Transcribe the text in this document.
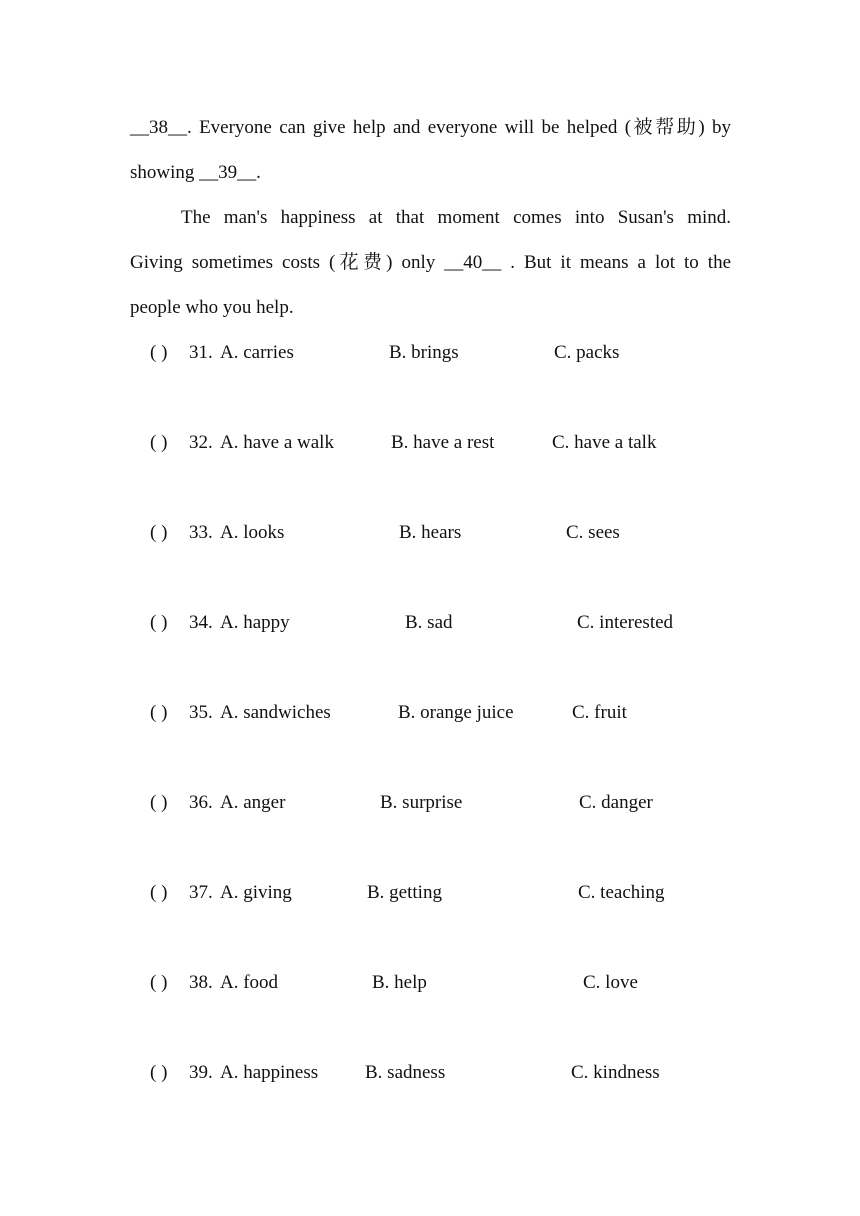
__38__. Everyone can give help and everyone will be helped (被帮助) by
showing __39__.
The man's happiness at that moment comes into Susan's mind.
Giving sometimes costs (花费) only __40__ . But it means a lot to the
people who you help.
( ) 31. A. carries	B. brings	C. packs
( ) 32. A. have a walk	B. have a rest	C. have a talk
( ) 33. A. looks	B. hears	C. sees
( ) 34. A. happy	B. sad	C. interested
( ) 35. A. sandwiches	B. orange juice	C. fruit
( ) 36. A. anger	B. surprise	C. danger
( ) 37. A. giving	B. getting	C. teaching
( ) 38. A. food	B. help	C. love
( ) 39. A. happiness B. sadness	C. kindness
